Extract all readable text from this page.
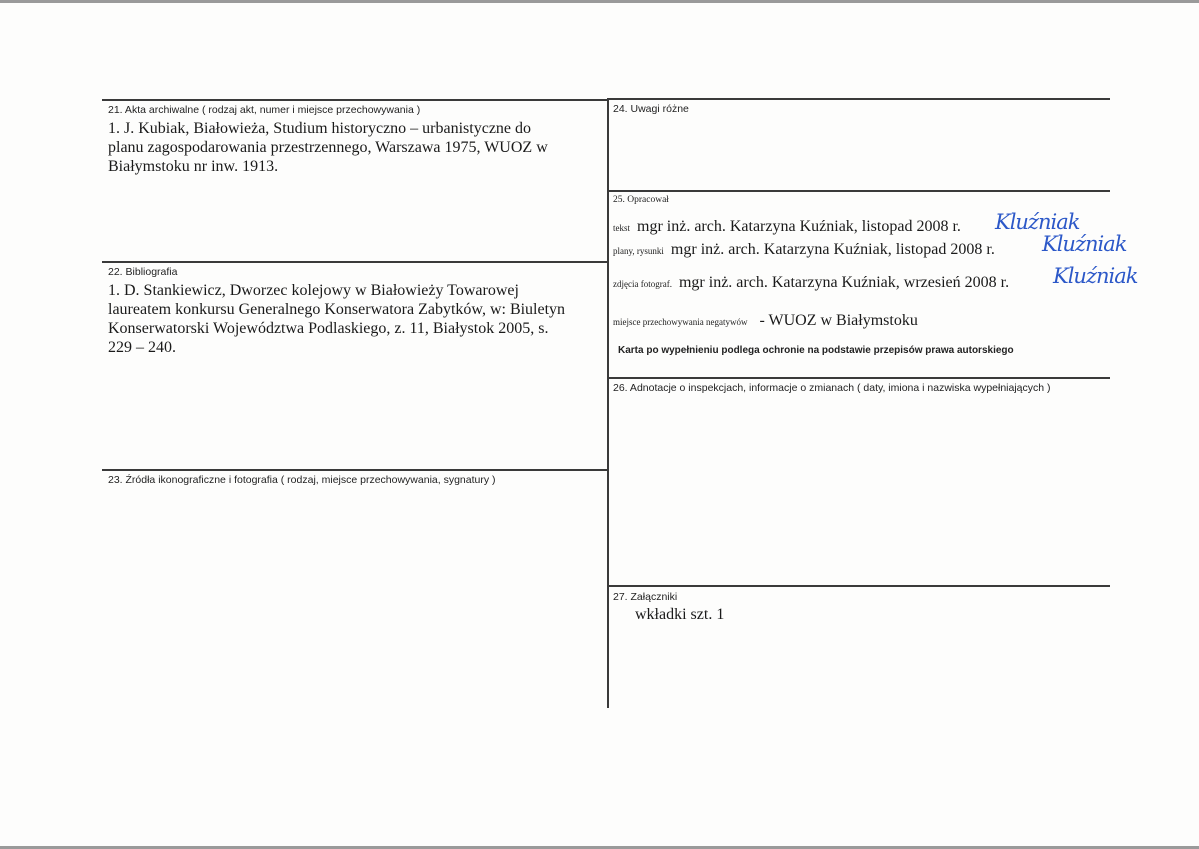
21. Akta archiwalne ( rodzaj akt, numer i miejsce przechowywania )
1. J. Kubiak, Białowieża, Studium historyczno – urbanistyczne do
planu zagospodarowania przestrzennego, Warszawa 1975, WUOZ w
Białymstoku nr inw. 1913.
22. Bibliografia
1. D. Stankiewicz, Dworzec kolejowy w Białowieży Towarowej
laureatem konkursu Generalnego Konserwatora Zabytków, w: Biuletyn
Konserwatorski Województwa Podlaskiego, z. 11, Białystok 2005, s.
229 – 240.
23. Źródła ikonograficzne i fotografia ( rodzaj, miejsce przechowywania, sygnatury )
24. Uwagi różne
25. Opracował
tekst mgr inż. arch. Katarzyna Kuźniak, listopad 2008 r. Kluźniak
plany, rysunki mgr inż. arch. Katarzyna Kuźniak, listopad 2008 r. Kluźniak
zdjęcia fotograf. mgr inż. arch. Katarzyna Kuźniak, wrzesień 2008 r. Kluźniak
miejsce przechowywania negatywów - WUOZ w Białymstoku
Karta po wypełnieniu podlega ochronie na podstawie przepisów prawa autorskiego
26. Adnotacje o inspekcjach, informacje o zmianach ( daty, imiona i nazwiska wypełniających )
27. Załączniki
wkładki szt. 1
